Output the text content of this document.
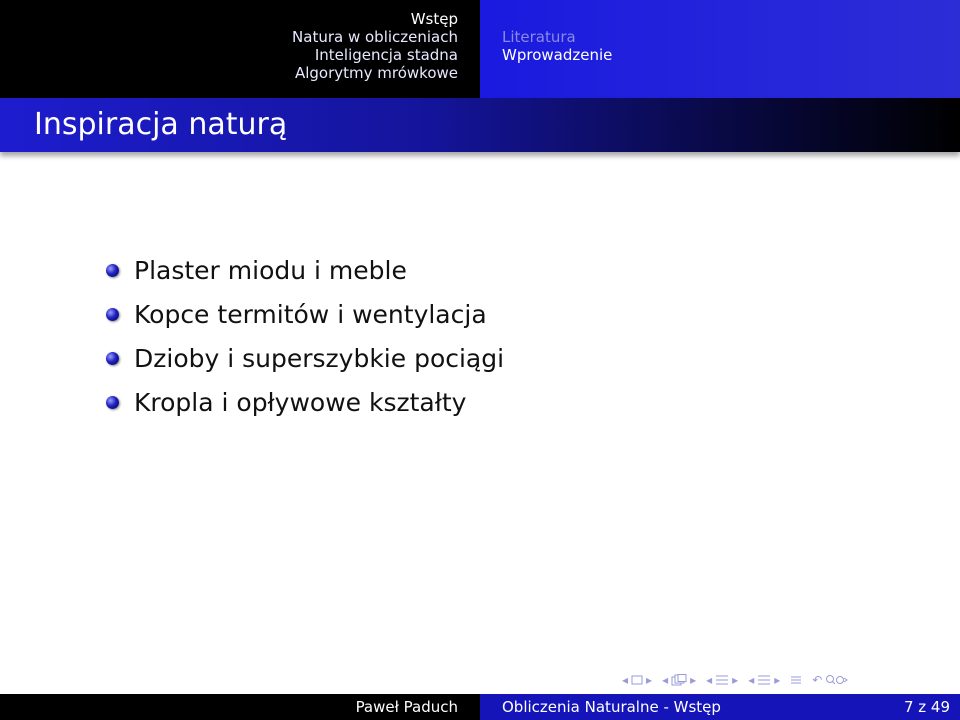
Wstęp
Natura w obliczeniach
Inteligencja stadna
Algorytmy mrówkowe
Literatura
Wprowadzenie
Inspiracja naturą
Plaster miodu i meble
Kopce termitów i wentylacja
Dzioby i superszybkie pociągi
Kropla i opływowe kształty
◂ ▸ ◂ ▸ ◂ ▸ ◂ ▸	↶
Paweł Paduch	Obliczenia Naturalne - Wstęp	7 z 49
